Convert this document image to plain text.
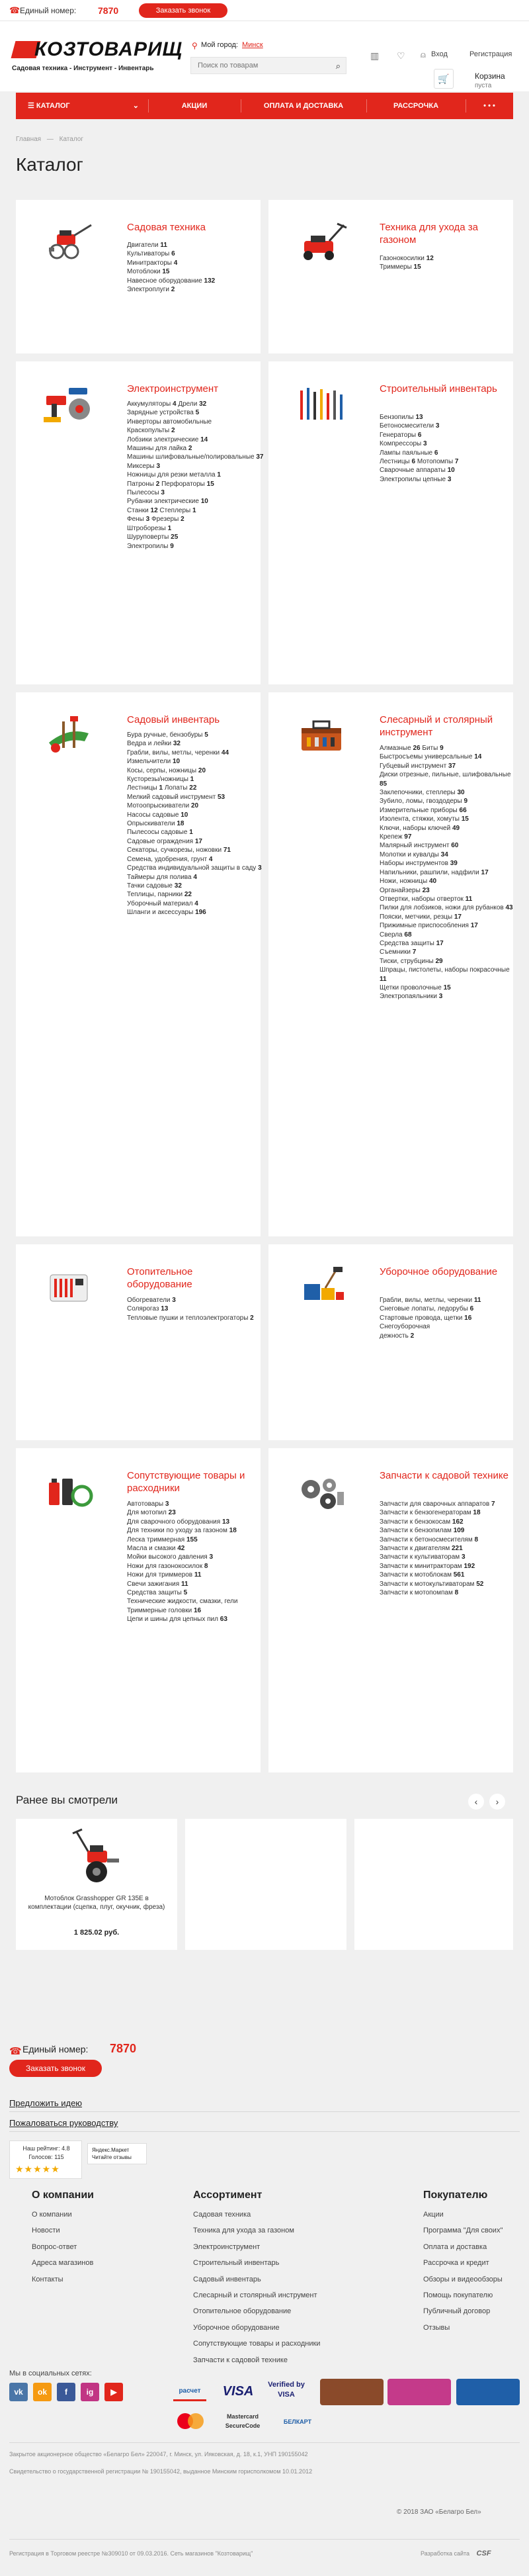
☎ Единый номер: 7870	Заказать звонок
КОЗТОВАРИЩ
Садовая техника - Инструмент - Инвентарь
⚲ Мой город: Минск
Поиск по товарам
⌕
▥ ♡ ⍝ Вход	Регистрация
🛒	Корзина
пуста
☰ КАТАЛОГ	⌄	АКЦИИ	ОПЛАТА И ДОСТАВКА	РАССРОЧКА	• • •
Главная — Каталог
Каталог
Садовая техника
Двигатели 11
Культиваторы 6
Минитракторы 4
Мотоблоки 15
Навесное оборудование 132
Электроплуги 2
Техника для ухода за газоном
Газонокосилки 12
Триммеры 15
Электроинструмент
Аккумуляторы 4 Дрели 32
Зарядные устройства 5
Инверторы автомобильные
Краскопульты 2
Лобзики электрические 14
Машины для лайка 2
Машины шлифовальные/полировальные 37
Миксеры 3
Ножницы для резки металла 1
Патроны 2 Перфораторы 15
Пылесосы 3
Рубанки электрические 10
Станки 12 Степлеры 1
Фены 3 Фрезеры 2
Штроборезы 1
Шуруповерты 25
Электропилы 9
Строительный инвентарь
Бензопилы 13
Бетоносмесители 3
Генераторы 6
Компрессоры 3
Лампы паяльные 6
Лестницы 6 Мотопомпы 7
Сварочные аппараты 10
Электропилы цепные 3
Садовый инвентарь
Бура ручные, бензобуры 5
Ведра и лейки 32
Грабли, вилы, метлы, черенки 44
Измельчители 10
Косы, серпы, ножницы 20
Кусторезы/ножницы 1
Лестницы 1 Лопаты 22
Мелкий садовый инструмент 53
Мотоопрыскиватели 20
Насосы садовые 10
Опрыскиватели 18
Пылесосы садовые 1
Садовые ограждения 17
Секаторы, сучкорезы, ножовки 71
Семена, удобрения, грунт 4
Средства индивидуальной защиты в саду 3
Таймеры для полива 4
Тачки садовые 32
Теплицы, парники 22
Уборочный материал 4
Шланги и аксессуары 196
Слесарный и столярный инструмент
Алмазные 26 Биты 9
Быстросъемы универсальные 14
Губцевый инструмент 37
Диски отрезные, пильные, шлифовальные 85
Заклепочники, степлеры 30
Зубило, ломы, гвоздодеры 9
Измерительные приборы 66
Изолента, стяжки, хомуты 15
Ключи, наборы ключей 49
Крепеж 97
Малярный инструмент 60
Молотки и кувалды 34
Наборы инструментов 39
Напильники, рашпили, надфили 17
Ножи, ножницы 40
Органайзеры 23
Отвертки, наборы отверток 11
Пилки для лобзиков, ножи для рубанков 43
Пояски, метчики, резцы 17
Прижимные приспособления 17
Сверла 68
Средства защиты 17
Съемники 7
Тиски, струбцины 29
Шпрацы, пистолеты, наборы покрасочные 11
Щетки проволочные 15
Электропаяльники 3
Отопительное оборудование
Обогреватели 3
Солярогаз 13
Тепловые пушки и теплоэлектрогаторы 2
Уборочное оборудование
Грабли, вилы, метлы, черенки 11
Снеговые лопаты, ледорубы 6
Стартовые провода, щетки 16
Снегоуборочная
дежность 2
Сопутствующие товары и расходники
Автотовары 3
Для мотопил 23
Для сварочного оборудования 13
Для техники по уходу за газоном 18
Леска триммерная 155
Масла и смазки 42
Мойки высокого давления 3
Ножи для газонокосилок 8
Ножи для триммеров 11
Свечи зажигания 11
Средства защиты 5
Технические жидкости, смазки, гели
Триммерные головки 16
Цепи и шины для цепных пил 63
Запчасти к садовой технике
Запчасти для сварочных аппаратов 7
Запчасти к бензогенераторам 18
Запчасти к бензокосам 162
Запчасти к бензопилам 109
Запчасти к бетоносмесителям 8
Запчасти к двигателям 221
Запчасти к культиваторам 3
Запчасти к минитракторам 192
Запчасти к мотоблокам 561
Запчасти к мотокультиваторам 52
Запчасти к мотопомпам 8
Ранее вы смотрели	‹	›
Мотоблок Grasshopper GR 135Е в комплектации (сцепка, плуг, окучник, фреза)
1 825.02 руб.
☎ Единый номер: 7870
Заказать звонок
Предложить идею
Пожаловаться руководству
Наш рейтинг: 4.8
Голосов: 115
★★★★★
Яндекс.Маркет
Читайте отзывы
О компании
О компании
Новости
Вопрос-ответ
Адреса магазинов
Контакты
Ассортимент
Садовая техника
Техника для ухода за газоном
Электроинструмент
Строительный инвентарь
Садовый инвентарь
Слесарный и столярный инструмент
Отопительное оборудование
Уборочное оборудование
Сопутствующие товары и расходники
Запчасти к садовой технике
Покупателю
Акции
Программа "Для своих"
Оплата и доставка
Рассрочка и кредит
Обзоры и видеообзоры
Помощь покупателю
Публичный договор
Отзывы
Мы в социальных сетях:
vk	ok	f	ig	▶	расчет	VISA	Verified by VISA
Mastercard
SecureCode
БЕЛКАРТ
Закрытое акционерное общество «Белагро Бел» 220047, г. Минск, ул. Ияковская, д. 18, к.1, УНП 190155042
Свидетельство о государственной регистрации № 190155042, выданное Минским горисполкомом 10.01.2012
© 2018 ЗАО «Белагро Бел»
Регистрация в Торговом реестре №309010 от 09.03.2016. Сеть магазинов "Козтоварищ"	Разработка сайта CSF
